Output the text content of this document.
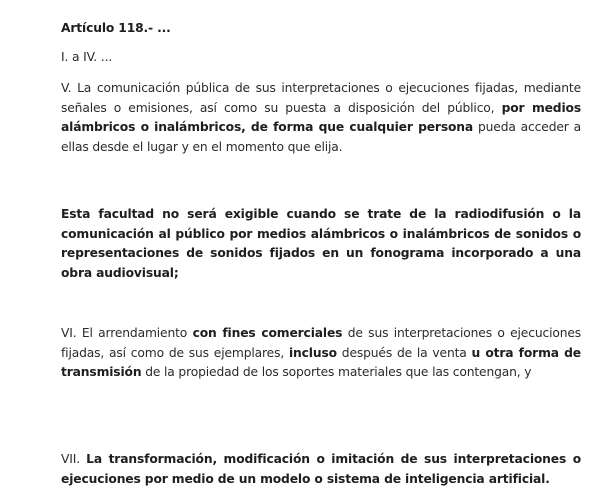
Artículo 118.- ...

I. a IV. ...

V. La comunicación pública de sus interpretaciones o ejecuciones fijadas, mediante señales o emisiones, así como su puesta a disposición del público, por medios alámbricos o inalámbricos, de forma que cualquier persona pueda acceder a ellas desde el lugar y en el momento que elija.

Esta facultad no será exigible cuando se trate de la radiodifusión o la comunicación al público por medios alámbricos o inalámbricos de sonidos o representaciones de sonidos fijados en un fonograma incorporado a una obra audiovisual;

VI. El arrendamiento con fines comerciales de sus interpretaciones o ejecuciones fijadas, así como de sus ejemplares, incluso después de la venta u otra forma de transmisión de la propiedad de los soportes materiales que las contengan, y

VII. La transformación, modificación o imitación de sus interpretaciones o ejecuciones por medio de un modelo o sistema de inteligencia artificial.
